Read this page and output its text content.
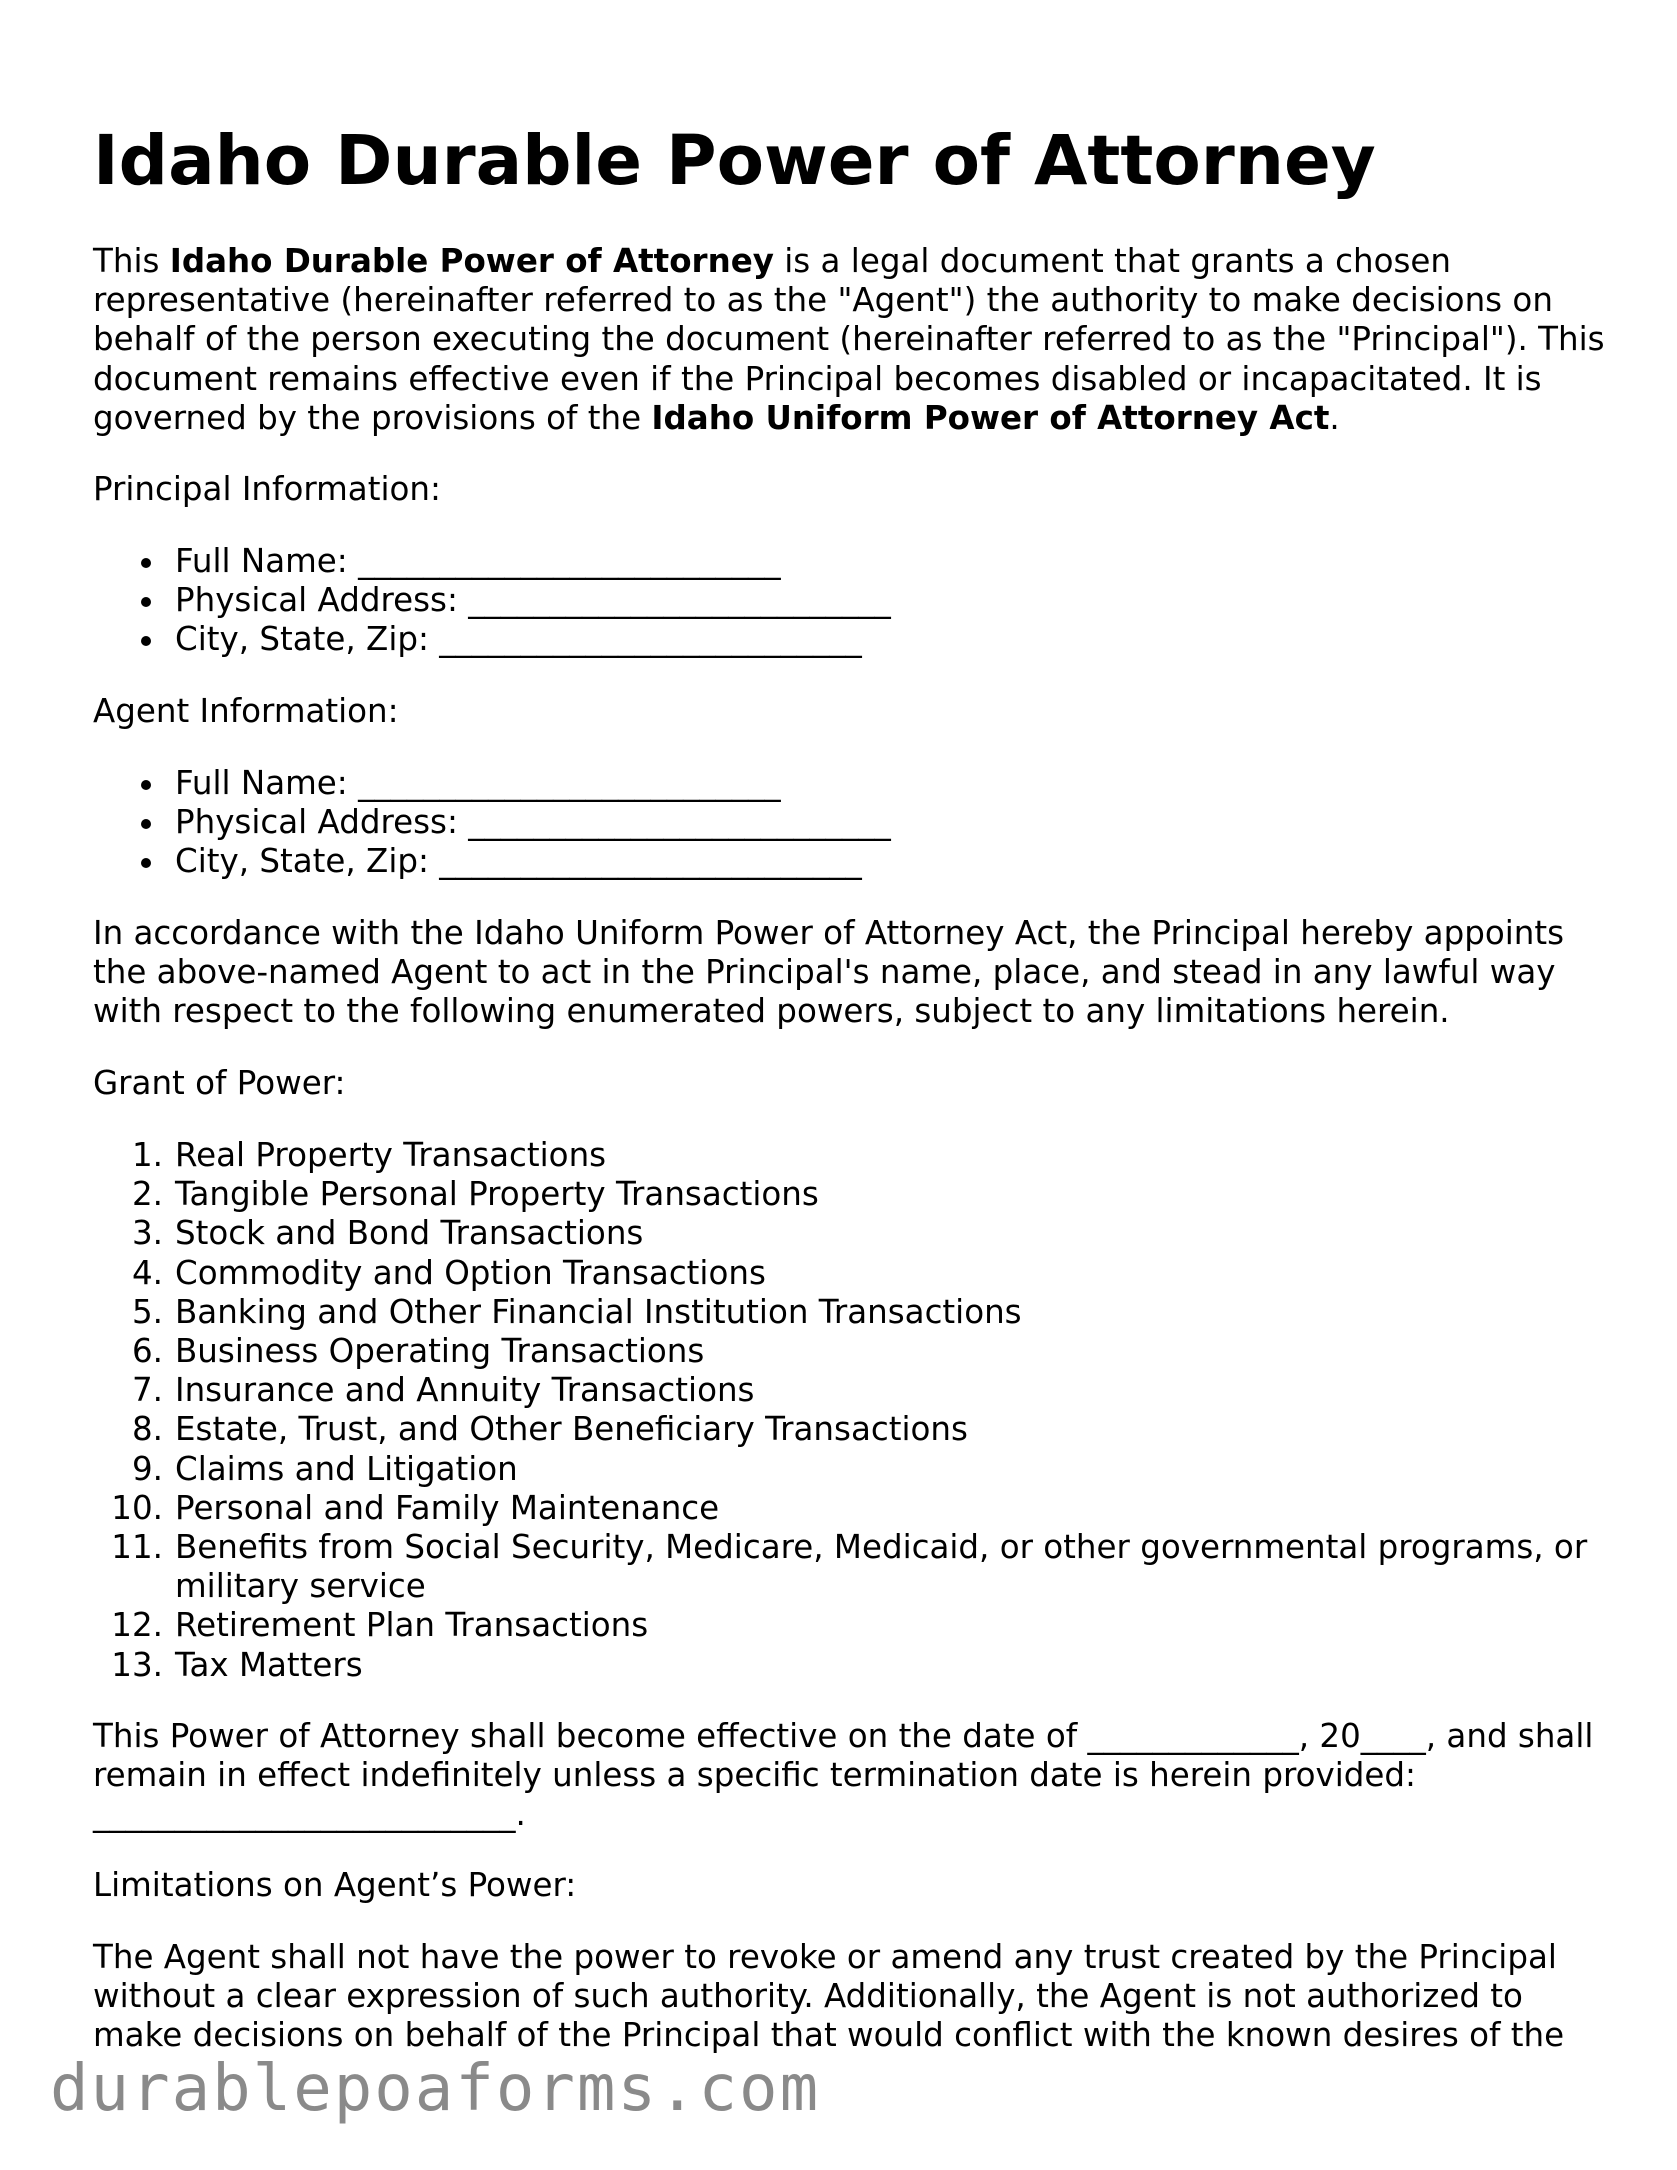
Idaho Durable Power of Attorney

This Idaho Durable Power of Attorney is a legal document that grants a chosen representative (hereinafter referred to as the "Agent") the authority to make decisions on behalf of the person executing the document (hereinafter referred to as the "Principal"). This document remains effective even if the Principal becomes disabled or incapacitated. It is governed by the provisions of the Idaho Uniform Power of Attorney Act.

Principal Information:

Full Name: __________________________
Physical Address: __________________________
City, State, Zip: __________________________

Agent Information:

Full Name: __________________________
Physical Address: __________________________
City, State, Zip: __________________________

In accordance with the Idaho Uniform Power of Attorney Act, the Principal hereby appoints the above-named Agent to act in the Principal's name, place, and stead in any lawful way with respect to the following enumerated powers, subject to any limitations herein.

Grant of Power:

1 . Real Property Transactions
2 . Tangible Personal Property Transactions
3 . Stock and Bond Transactions
4 . Commodity and Option Transactions
5 . Banking and Other Financial Institution Transactions
6 . Business Operating Transactions
7 . Insurance and Annuity Transactions
8 . Estate, Trust, and Other Beneficiary Transactions
9 . Claims and Litigation
10 . Personal and Family Maintenance
11 . Benefits from Social Security, Medicare, Medicaid, or other governmental programs, or military service
12 . Retirement Plan Transactions
13 . Tax Matters

This Power of Attorney shall become effective on the date of _____________, 20____, and shall remain in effect indefinitely unless a specific termination date is herein provided: __________________________.

Limitations on Agent’s Power:

The Agent shall not have the power to revoke or amend any trust created by the Principal without a clear expression of such authority. Additionally, the Agent is not authorized to make decisions on behalf of the Principal that would conflict with the known desires of the

durablepoaforms.com
